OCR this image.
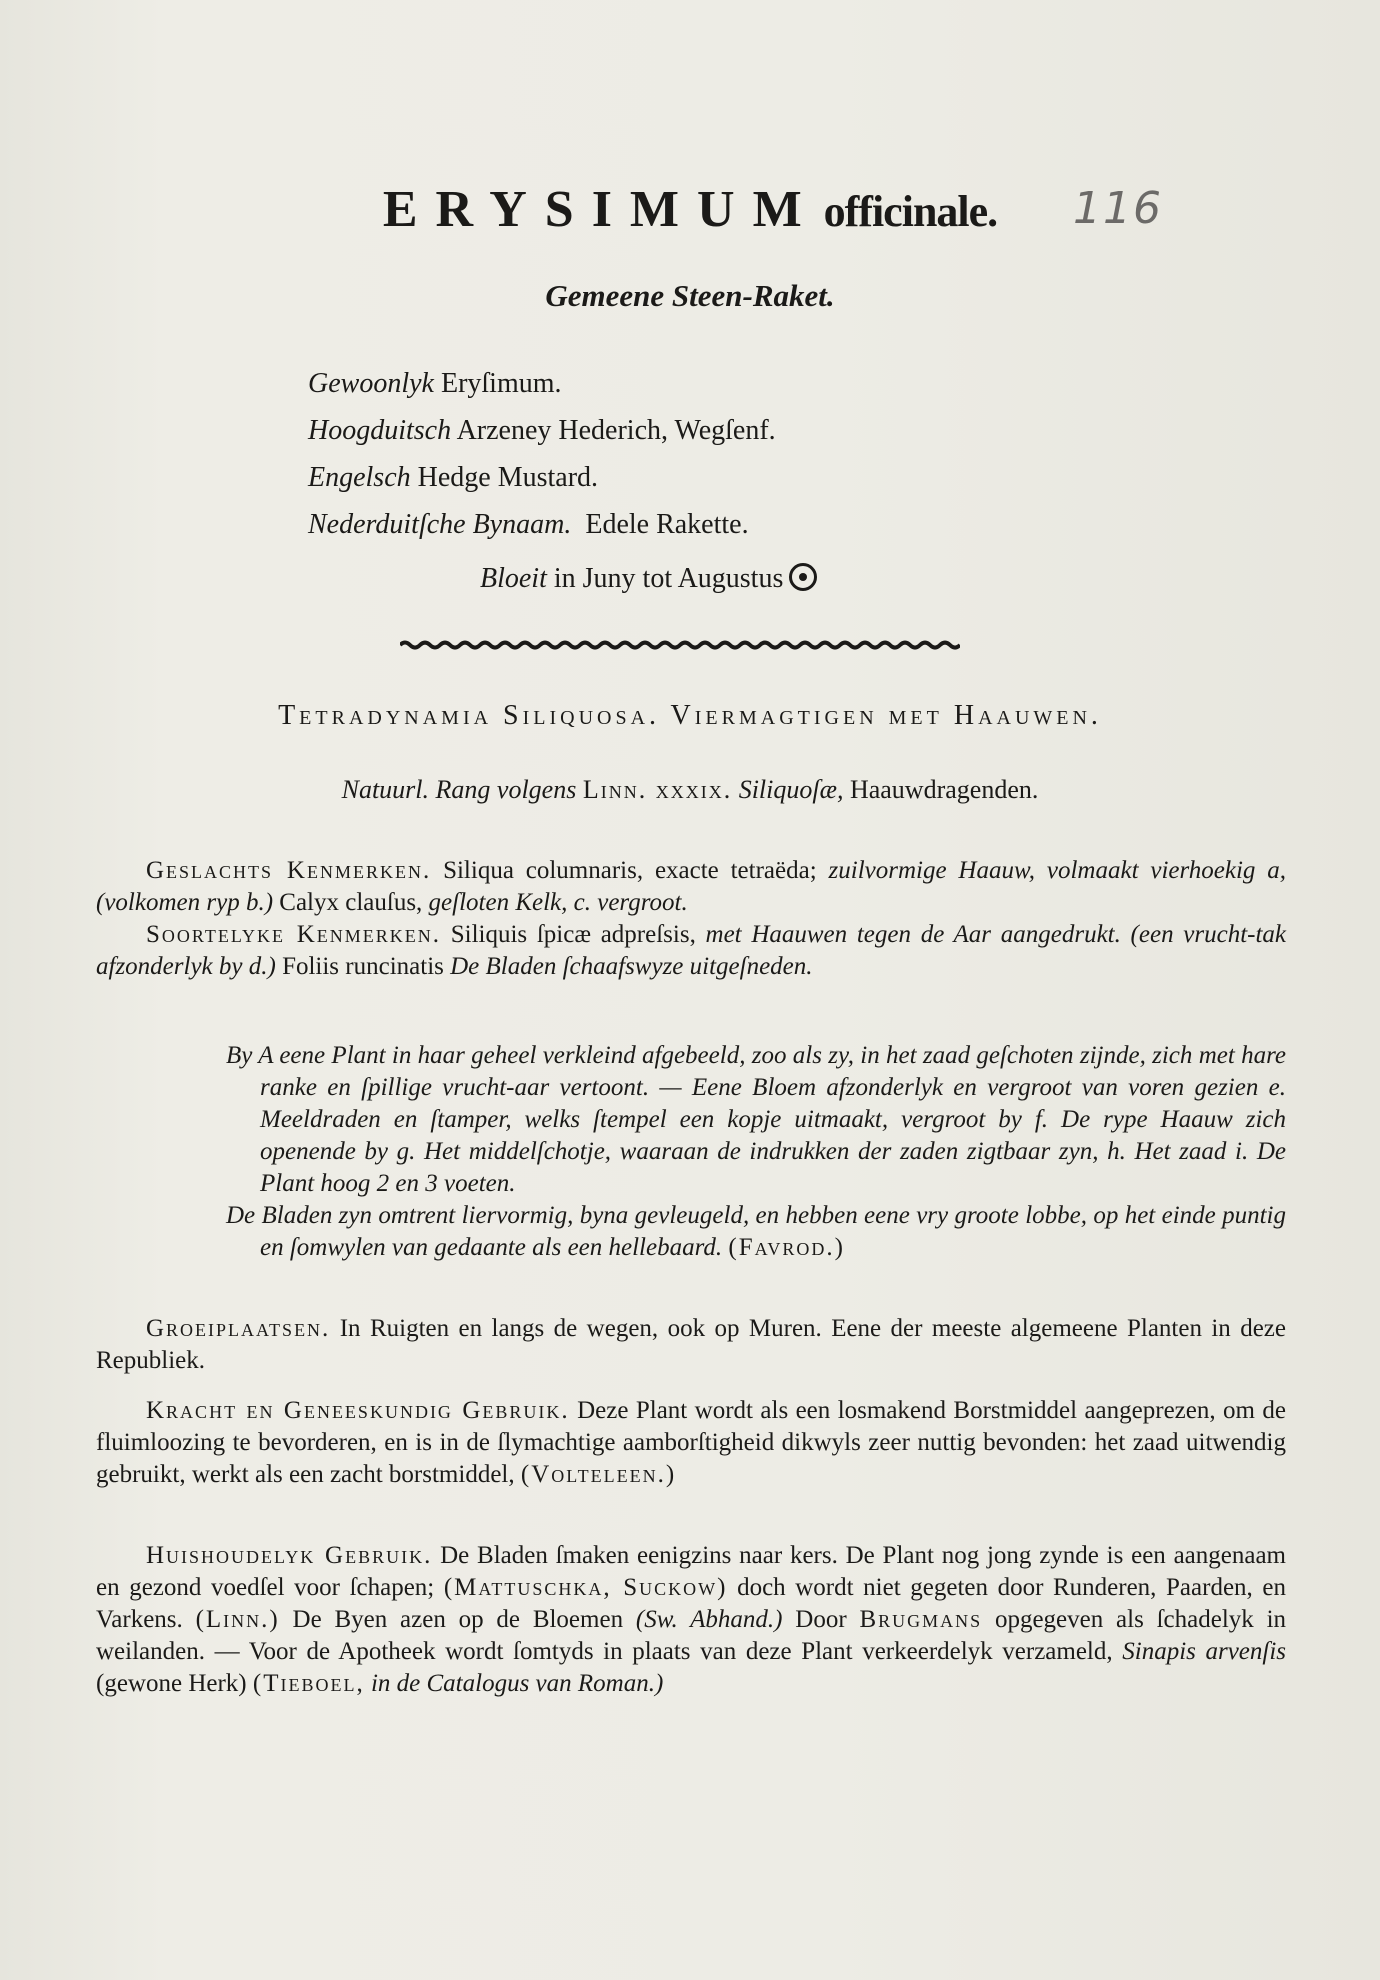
ERYSIMUMofficinale.	116
Gemeene Steen-Raket.
Gewoonlyk Eryſimum.
Hoogduitsch Arzeney Hederich, Wegſenf.
Engelsch Hedge Mustard.
Nederduitſche Bynaam. Edele Rakette.
Bloeit in Juny tot Augustus
Tetradynamia Siliquosa. Viermagtigen met Haauwen.
Natuurl. Rang volgens Linn. xxxix. Siliquoſæ, Haauwdragenden.

Geslachts Kenmerken. Siliqua columnaris, exacte tetraëda; zuilvormige Haauw, volmaakt vierhoekig a, (volkomen ryp b.) Calyx clauſus, geſloten Kelk, c. vergroot.

Soortelyke Kenmerken. Siliquis ſpicæ adpreſsis, met Haauwen tegen de Aar aangedrukt. (een vrucht-tak afzonderlyk by d.) Foliis runcinatis De Bladen ſchaafswyze uitgeſneden.

By A eene Plant in haar geheel verkleind afgebeeld, zoo als zy, in het zaad geſchoten zijnde, zich met hare ranke en ſpillige vrucht-aar vertoont. — Eene Bloem afzonderlyk en vergroot van voren gezien e. Meeldraden en ſtamper, welks ſtempel een kopje uitmaakt, vergroot by f. De rype Haauw zich openende by g. Het middelſchotje, waaraan de indrukken der zaden zigtbaar zyn, h. Het zaad i. De Plant hoog 2 en 3 voeten.

De Bladen zyn omtrent liervormig, byna gevleugeld, en hebben eene vry groote lobbe, op het einde puntig en ſomwylen van gedaante als een hellebaard. (Favrod.)

Groeiplaatsen. In Ruigten en langs de wegen, ook op Muren. Eene der meeste algemeene Planten in deze Republiek.

Kracht en Geneeskundig Gebruik. Deze Plant wordt als een losmakend Borstmiddel aangeprezen, om de fluimloozing te bevorderen, en is in de ſlymachtige aamborſtigheid dikwyls zeer nuttig bevonden: het zaad uitwendig gebruikt, werkt als een zacht borstmiddel, (Volteleen.)

Huishoudelyk Gebruik. De Bladen ſmaken eenigzins naar kers. De Plant nog jong zynde is een aangenaam en gezond voedſel voor ſchapen; (Mattuschka, Suckow) doch wordt niet gegeten door Runderen, Paarden, en Varkens. (Linn.) De Byen azen op de Bloemen (Sw. Abhand.) Door Brugmans opgegeven als ſchadelyk in weilanden. — Voor de Apotheek wordt ſomtyds in plaats van deze Plant verkeerdelyk verzameld, Sinapis arvenſis (gewone Herk) (Tieboel, in de Catalogus van Roman.)
